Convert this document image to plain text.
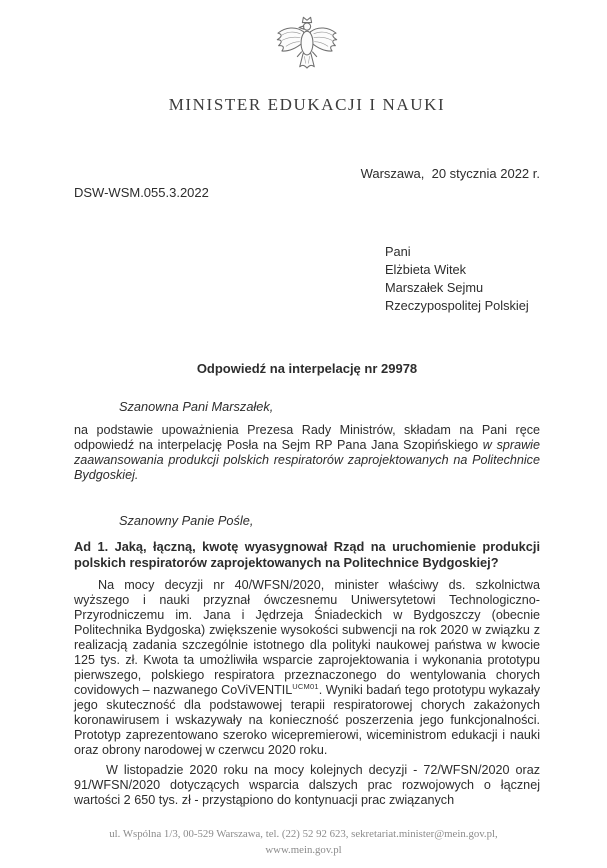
MINISTER EDUKACJI I NAUKI
Warszawa,  20 stycznia 2022 r.
DSW-WSM.055.3.2022
Pani
Elżbieta Witek
Marszałek Sejmu
Rzeczypospolitej Polskiej
Odpowiedź na interpelację nr 29978
Szanowna Pani Marszałek,

na podstawie upoważnienia Prezesa Rady Ministrów, składam na Pani ręce odpowiedź na interpelację Posła na Sejm RP Pana Jana Szopińskiego w sprawie zaawansowania produkcji polskich respiratorów zaprojektowanych na Politechnice Bydgoskiej.

Szanowny Panie Pośle,

Ad 1. Jaką, łączną, kwotę wyasygnował Rząd na uruchomienie produkcji polskich respiratorów zaprojektowanych na Politechnice Bydgoskiej?

Na mocy decyzji nr 40/WFSN/2020, minister właściwy ds. szkolnictwa wyższego i nauki przyznał ówczesnemu Uniwersytetowi Technologiczno-Przyrodniczemu im. Jana i Jędrzeja Śniadeckich w Bydgoszczy (obecnie Politechnika Bydgoska) zwiększenie wysokości subwencji na rok 2020 w związku z realizacją zadania szczególnie istotnego dla polityki naukowej państwa w kwocie 125 tys. zł. Kwota ta umożliwiła wsparcie zaprojektowania i wykonania prototypu pierwszego, polskiego respiratora przeznaczonego do wentylowania chorych covidowych – nazwanego CoViVENTIL$^{UCM01}$. Wyniki badań tego prototypu wykazały jego skuteczność dla podstawowej terapii respiratorowej chorych zakażonych koronawirusem i wskazywały na konieczność poszerzenia jego funkcjonalności. Prototyp zaprezentowano szeroko wicepremierowi, wiceministrom edukacji i nauki oraz obrony narodowej w czerwcu 2020 roku.

W listopadzie 2020 roku na mocy kolejnych decyzji - 72/WFSN/2020 oraz 91/WFSN/2020 dotyczących wsparcia dalszych prac rozwojowych o łącznej wartości 2 650 tys. zł - przystąpiono do kontynuacji prac związanych

ul. Wspólna 1/3, 00-529 Warszawa, tel. (22) 52 92 623, sekretariat.minister@mein.gov.pl,
www.mein.gov.pl
